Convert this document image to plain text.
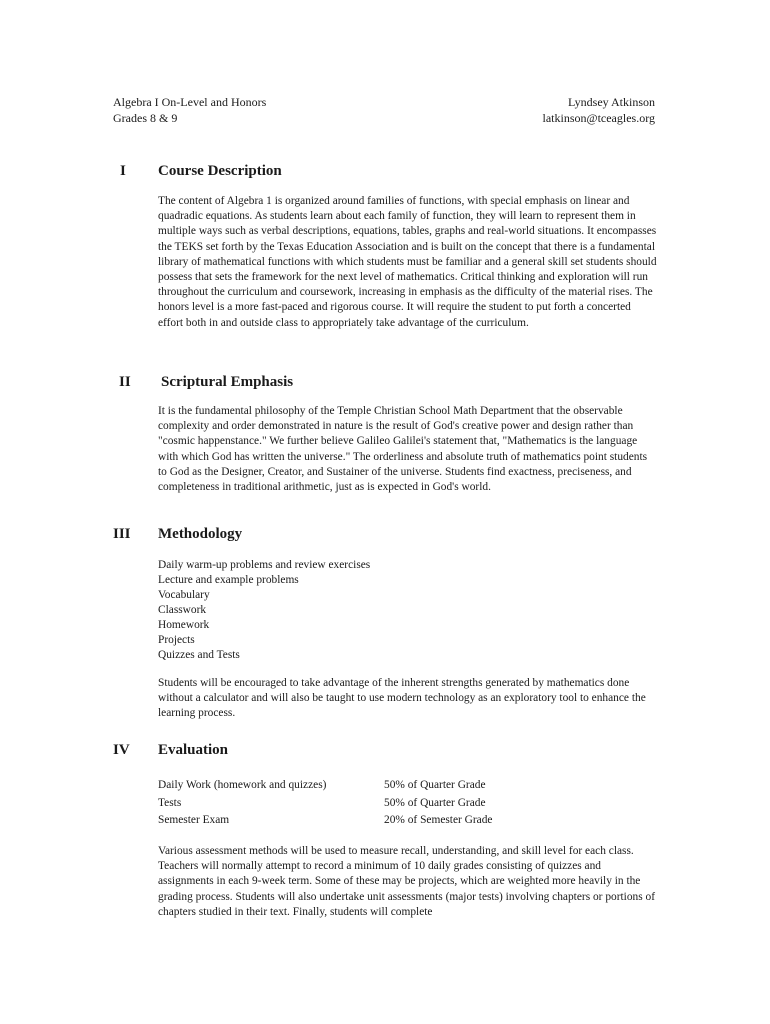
Algebra I On-Level and Honors
Grades 8 & 9
Lyndsey Atkinson
latkinson@tceagles.org
I Course Description

The content of Algebra 1 is organized around families of functions, with special emphasis on linear and quadradic equations. As students learn about each family of function, they will learn to represent them in multiple ways such as verbal descriptions, equations, tables, graphs and real-world situations. It encompasses the TEKS set forth by the Texas Education Association and is built on the concept that there is a fundamental library of mathematical functions with which students must be familiar and a general skill set students should possess that sets the framework for the next level of mathematics. Critical thinking and exploration will run throughout the curriculum and coursework, increasing in emphasis as the difficulty of the material rises. The honors level is a more fast-paced and rigorous course. It will require the student to put forth a concerted effort both in and outside class to appropriately take advantage of the curriculum.

II Scriptural Emphasis

It is the fundamental philosophy of the Temple Christian School Math Department that the observable complexity and order demonstrated in nature is the result of God's creative power and design rather than "cosmic happenstance." We further believe Galileo Galilei's statement that, "Mathematics is the language with which God has written the universe." The orderliness and absolute truth of mathematics point students to God as the Designer, Creator, and Sustainer of the universe. Students find exactness, preciseness, and completeness in traditional arithmetic, just as is expected in God's world.

III Methodology
Daily warm-up problems and review exercises
Lecture and example problems
Vocabulary
Classwork
Homework
Projects
Quizzes and Tests

Students will be encouraged to take advantage of the inherent strengths generated by mathematics done without a calculator and will also be taught to use modern technology as an exploratory tool to enhance the learning process.

IV Evaluation
Daily Work (homework and quizzes)	50% of Quarter Grade
Tests	50% of Quarter Grade
Semester Exam	20% of Semester Grade

Various assessment methods will be used to measure recall, understanding, and skill level for each class. Teachers will normally attempt to record a minimum of 10 daily grades consisting of quizzes and assignments in each 9-week term. Some of these may be projects, which are weighted more heavily in the grading process. Students will also undertake unit assessments (major tests) involving chapters or portions of chapters studied in their text. Finally, students will complete
